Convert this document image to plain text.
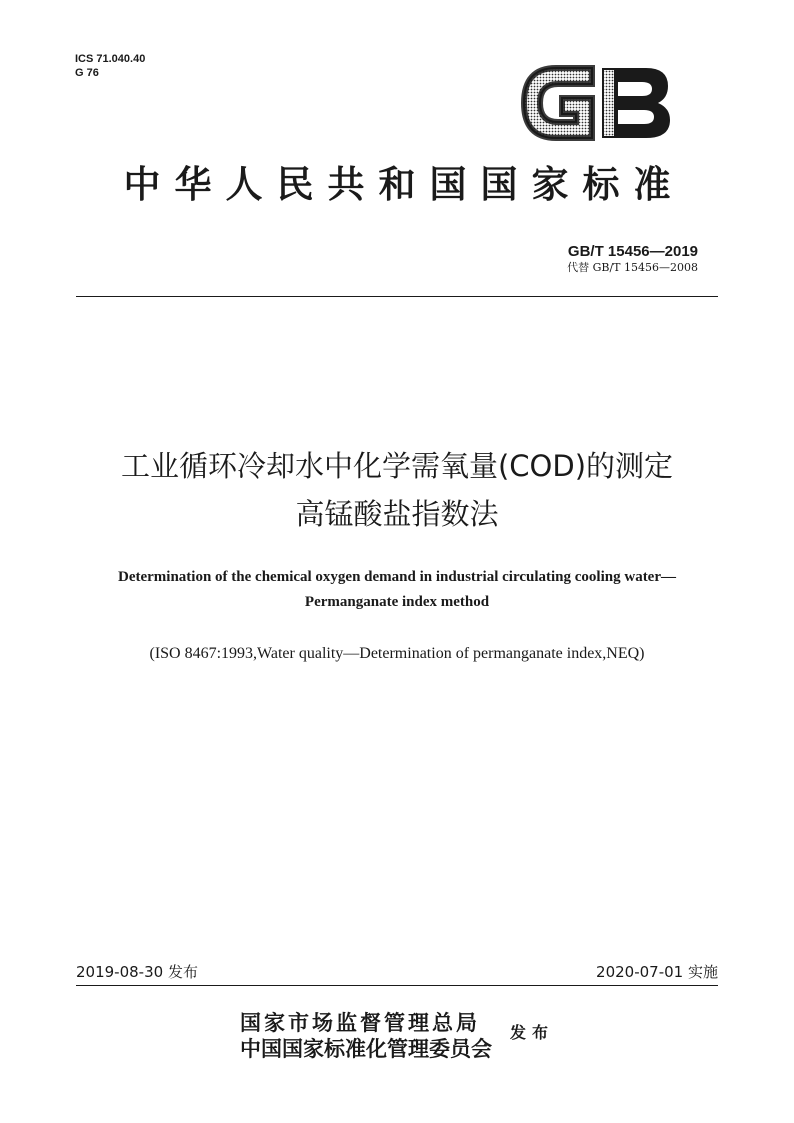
ICS 71.040.40
G 76
中华人民共和国国家标准
GB/T 15456—2019
代替 GB/T 15456—2008
工业循环冷却水中化学需氧量(COD)的测定
高锰酸盐指数法
Determination of the chemical oxygen demand in industrial circulating cooling water—
Permanganate index method
(ISO 8467:1993,Water quality—Determination of permanganate index,NEQ)
2019-08-30 发布	2020-07-01 实施
国家市场监督管理总局
中国国家标准化管理委员会
发布
